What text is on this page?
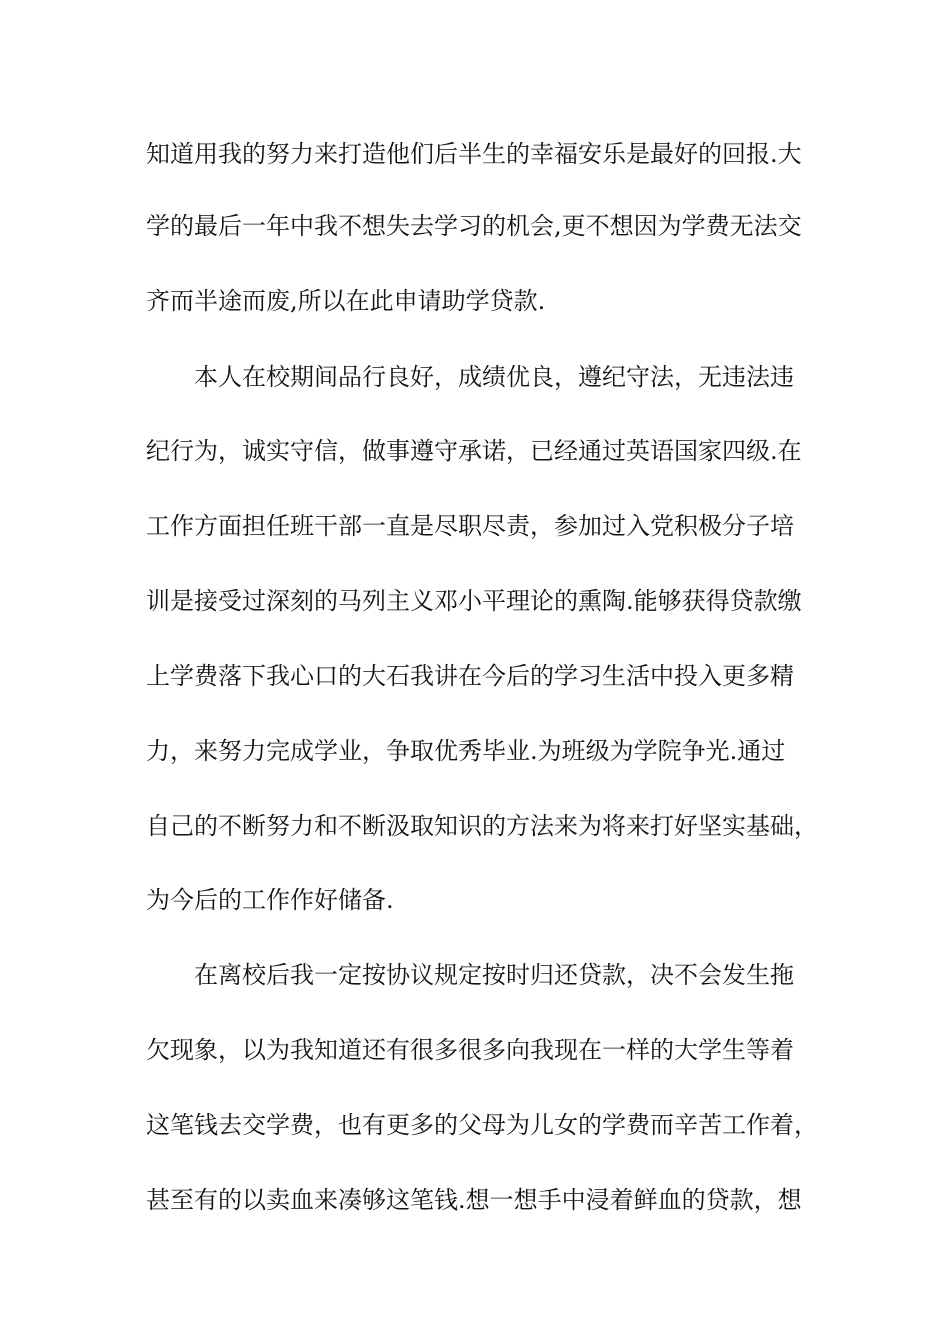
知道用我的努力来打造他们后半生的幸福安乐是最好的回报.大
学的最后一年中我不想失去学习的机会,更不想因为学费无法交
齐而半途而废,所以在此申请助学贷款.
本人在校期间品行良好，成绩优良，遵纪守法，无违法违
纪行为，诚实守信，做事遵守承诺，已经通过英语国家四级.在
工作方面担任班干部一直是尽职尽责，参加过入党积极分子培
训是接受过深刻的马列主义邓小平理论的熏陶.能够获得贷款缴
上学费落下我心口的大石我讲在今后的学习生活中投入更多精
力，来努力完成学业，争取优秀毕业.为班级为学院争光.通过
自己的不断努力和不断汲取知识的方法来为将来打好坚实基础，
为今后的工作作好储备.
在离校后我一定按协议规定按时归还贷款，决不会发生拖
欠现象，以为我知道还有很多很多向我现在一样的大学生等着
这笔钱去交学费，也有更多的父母为儿女的学费而辛苦工作着，
甚至有的以卖血来凑够这笔钱.想一想手中浸着鲜血的贷款，想
